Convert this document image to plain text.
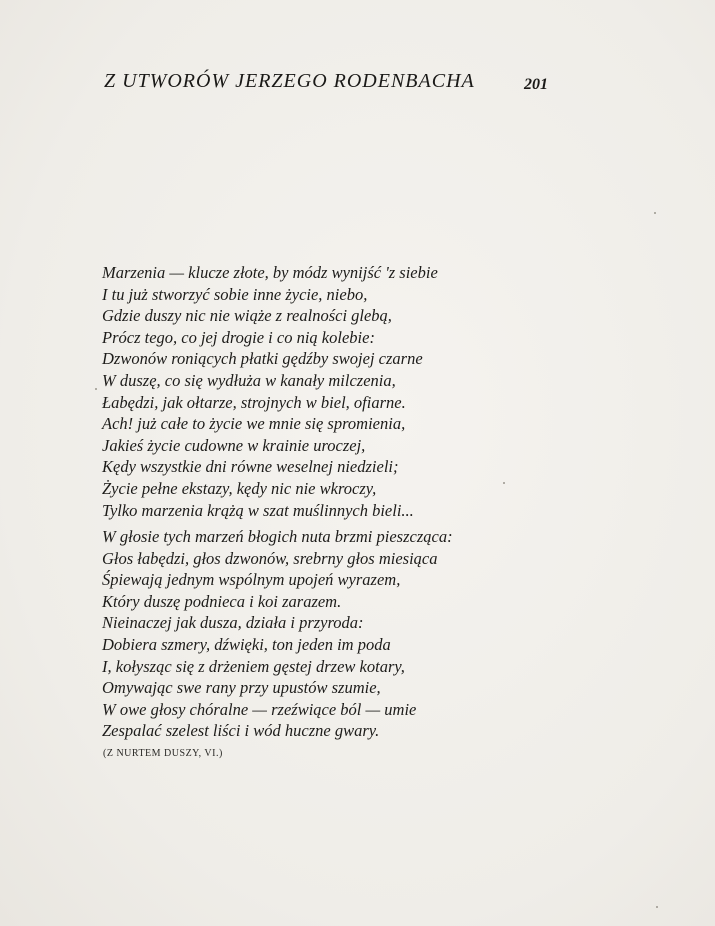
Z UTWORÓW JERZEGO RODENBACHA	201
Marzenia — klucze złote, by módz wynijść 'z siebie
I tu już stworzyć sobie inne życie, niebo,
Gdzie duszy nic nie wiąże z realności glebą,
Prócz tego, co jej drogie i co nią kolebie:
Dzwonów roniących płatki gędźby swojej czarne
W duszę, co się wydłuża w kanały milczenia,
Łabędzi, jak ołtarze, strojnych w biel, ofiarne.
Ach! już całe to życie we mnie się spromienia,
Jakieś życie cudowne w krainie uroczej,
Kędy wszystkie dni równe weselnej niedzieli;
Życie pełne ekstazy, kędy nic nie wkroczy,
Tylko marzenia krążą w szat muślinnych bieli...
W głosie tych marzeń błogich nuta brzmi pieszcząca:
Głos łabędzi, głos dzwonów, srebrny głos miesiąca
Śpiewają jednym wspólnym upojeń wyrazem,
Który duszę podnieca i koi zarazem.
Nieinaczej jak dusza, działa i przyroda:
Dobiera szmery, dźwięki, ton jeden im poda
I, kołysząc się z drżeniem gęstej drzew kotary,
Omywając swe rany przy upustów szumie,
W owe głosy chóralne — rzeźwiące ból — umie
Zespalać szelest liści i wód huczne gwary.
(Z NURTEM DUSZY, VI.)
